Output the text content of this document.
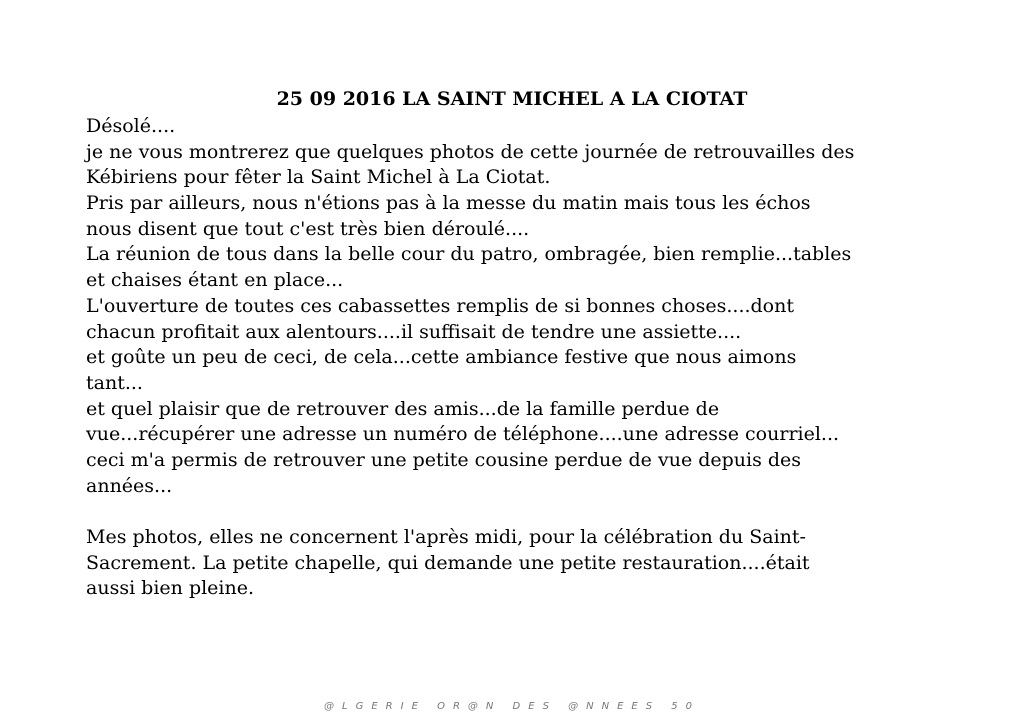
25 09 2016 LA SAINT MICHEL A LA CIOTAT
Désolé....
je ne vous montrerez que quelques photos de cette journée de retrouvailles des
Kébiriens pour fêter la Saint Michel à La Ciotat.
Pris par ailleurs, nous n'étions pas à la messe du matin mais tous les échos
nous disent que tout c'est très bien déroulé....
La réunion de tous dans la belle cour du patro, ombragée, bien remplie...tables
et chaises étant en place...
L'ouverture de toutes ces cabassettes remplis de si bonnes choses....dont
chacun profitait aux alentours....il suffisait de tendre une assiette....
et goûte un peu de ceci, de cela...cette ambiance festive que nous aimons
tant...
et quel plaisir que de retrouver des amis...de la famille perdue de
vue...récupérer une adresse un numéro de téléphone....une adresse courriel...
ceci m'a permis de retrouver une petite cousine perdue de vue depuis des
années...
Mes photos, elles ne concernent l'après midi, pour la célébration du Saint-
Sacrement. La petite chapelle, qui demande une petite restauration....était
aussi bien pleine.
@LGERIE OR@N DES @NNEES 50
